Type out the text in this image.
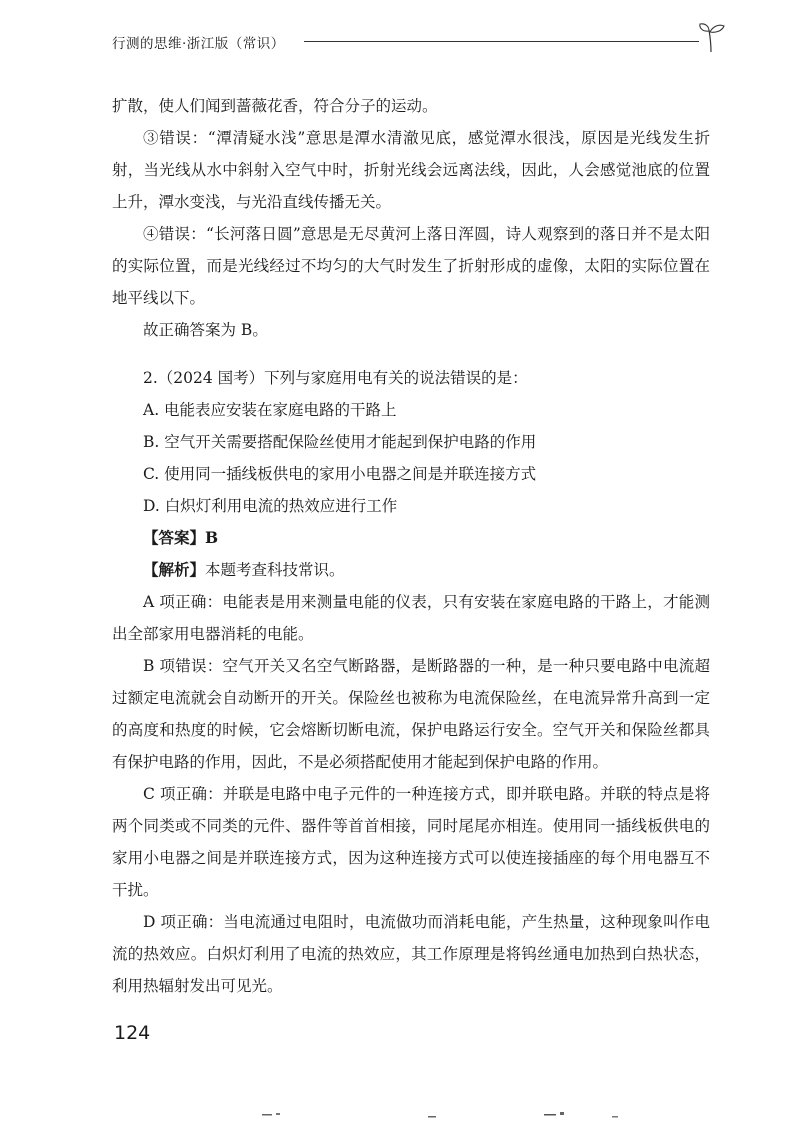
行测的思维·浙江版（常识）

扩散，使人们闻到蔷薇花香，符合分子的运动。

③错误：“潭清疑水浅”意思是潭水清澈见底，感觉潭水很浅，原因是光线发生折射，当光线从水中斜射入空气中时，折射光线会远离法线，因此，人会感觉池底的位置上升，潭水变浅，与光沿直线传播无关。

④错误：“长河落日圆”意思是无尽黄河上落日浑圆，诗人观察到的落日并不是太阳的实际位置，而是光线经过不均匀的大气时发生了折射形成的虚像，太阳的实际位置在地平线以下。

故正确答案为 B。

2.（2024 国考）下列与家庭用电有关的说法错误的是：

A. 电能表应安装在家庭电路的干路上

B. 空气开关需要搭配保险丝使用才能起到保护电路的作用

C. 使用同一插线板供电的家用小电器之间是并联连接方式

D. 白炽灯利用电流的热效应进行工作

【答案】B

【解析】本题考查科技常识。

A 项正确：电能表是用来测量电能的仪表，只有安装在家庭电路的干路上，才能测出全部家用电器消耗的电能。

B 项错误：空气开关又名空气断路器，是断路器的一种，是一种只要电路中电流超过额定电流就会自动断开的开关。保险丝也被称为电流保险丝，在电流异常升高到一定的高度和热度的时候，它会熔断切断电流，保护电路运行安全。空气开关和保险丝都具有保护电路的作用，因此，不是必须搭配使用才能起到保护电路的作用。

C 项正确：并联是电路中电子元件的一种连接方式，即并联电路。并联的特点是将两个同类或不同类的元件、器件等首首相接，同时尾尾亦相连。使用同一插线板供电的家用小电器之间是并联连接方式，因为这种连接方式可以使连接插座的每个用电器互不干扰。

D 项正确：当电流通过电阻时，电流做功而消耗电能，产生热量，这种现象叫作电流的热效应。白炽灯利用了电流的热效应，其工作原理是将钨丝通电加热到白热状态，利用热辐射发出可见光。

124
